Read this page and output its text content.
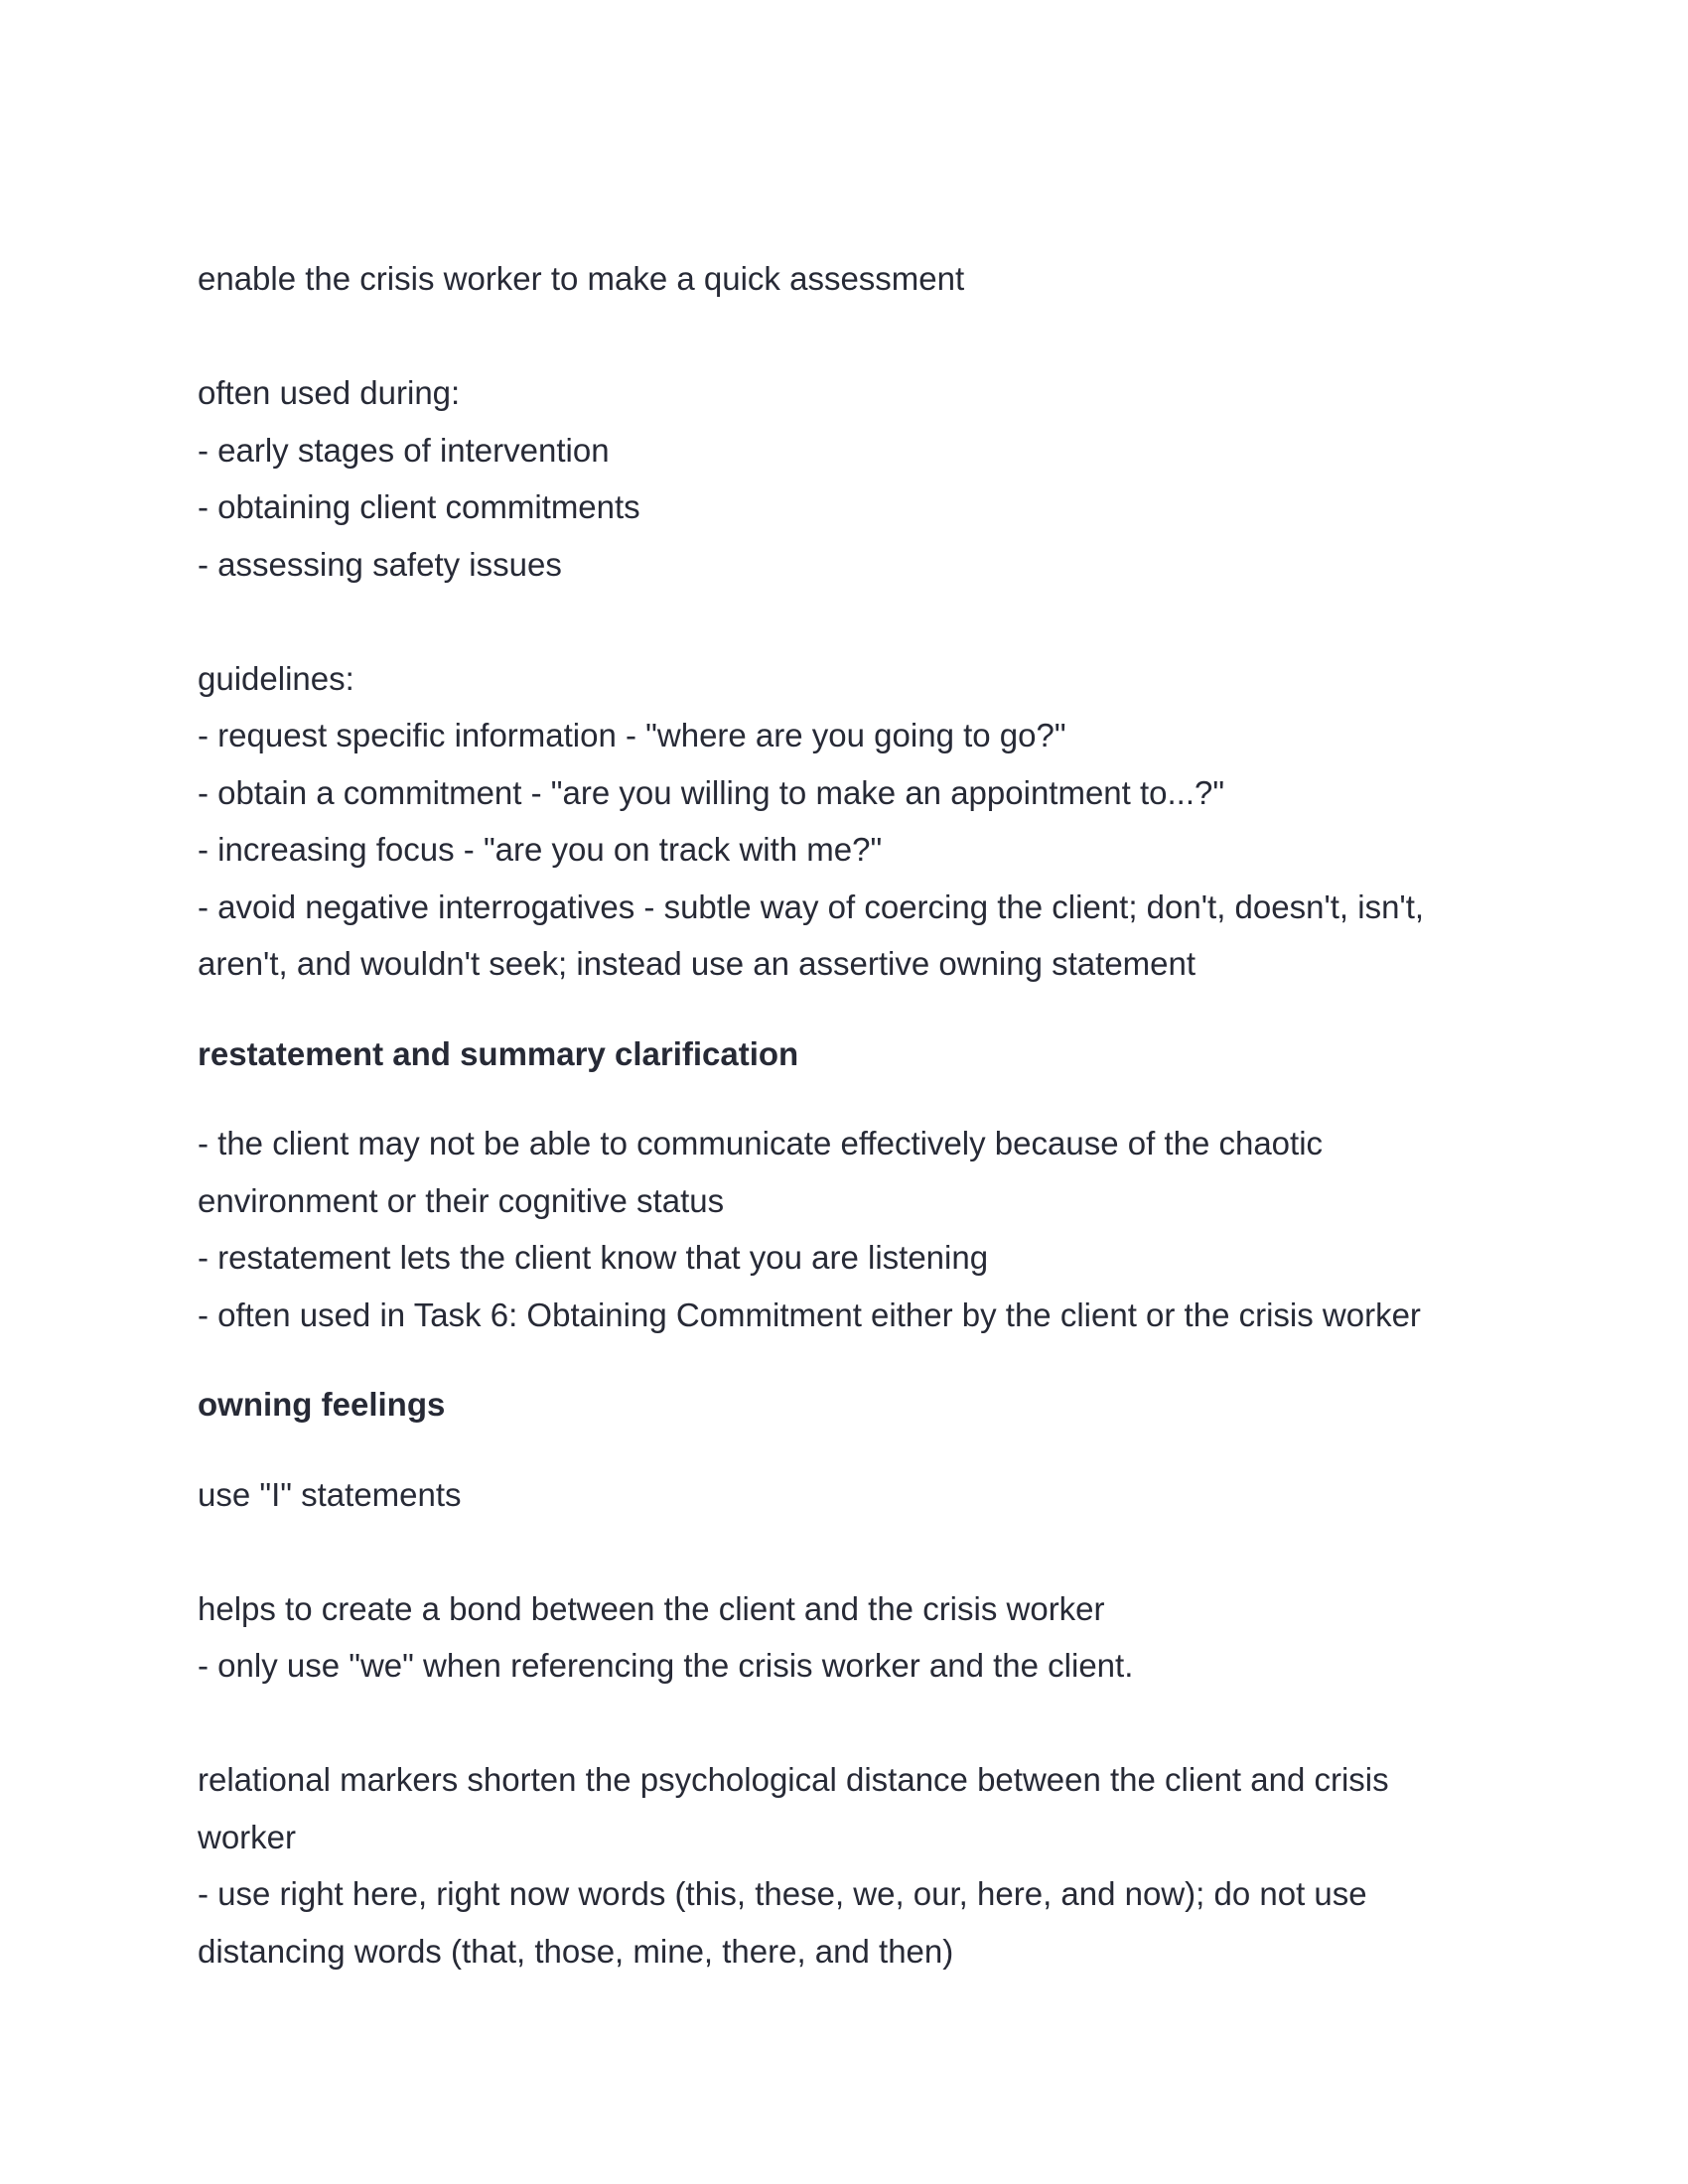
enable the crisis worker to make a quick assessment
often used during:
- early stages of intervention
- obtaining client commitments
- assessing safety issues
guidelines:
- request specific information - "where are you going to go?"
- obtain a commitment - "are you willing to make an appointment to...?"
- increasing focus - "are you on track with me?"
- avoid negative interrogatives - subtle way of coercing the client; don't, doesn't, isn't,
aren't, and wouldn't seek; instead use an assertive owning statement
restatement and summary clarification
- the client may not be able to communicate effectively because of the chaotic
environment or their cognitive status
- restatement lets the client know that you are listening
- often used in Task 6: Obtaining Commitment either by the client or the crisis worker
owning feelings
use "I" statements
helps to create a bond between the client and the crisis worker
- only use "we" when referencing the crisis worker and the client.
relational markers shorten the psychological distance between the client and crisis
worker
- use right here, right now words (this, these, we, our, here, and now); do not use
distancing words (that, those, mine, there, and then)
